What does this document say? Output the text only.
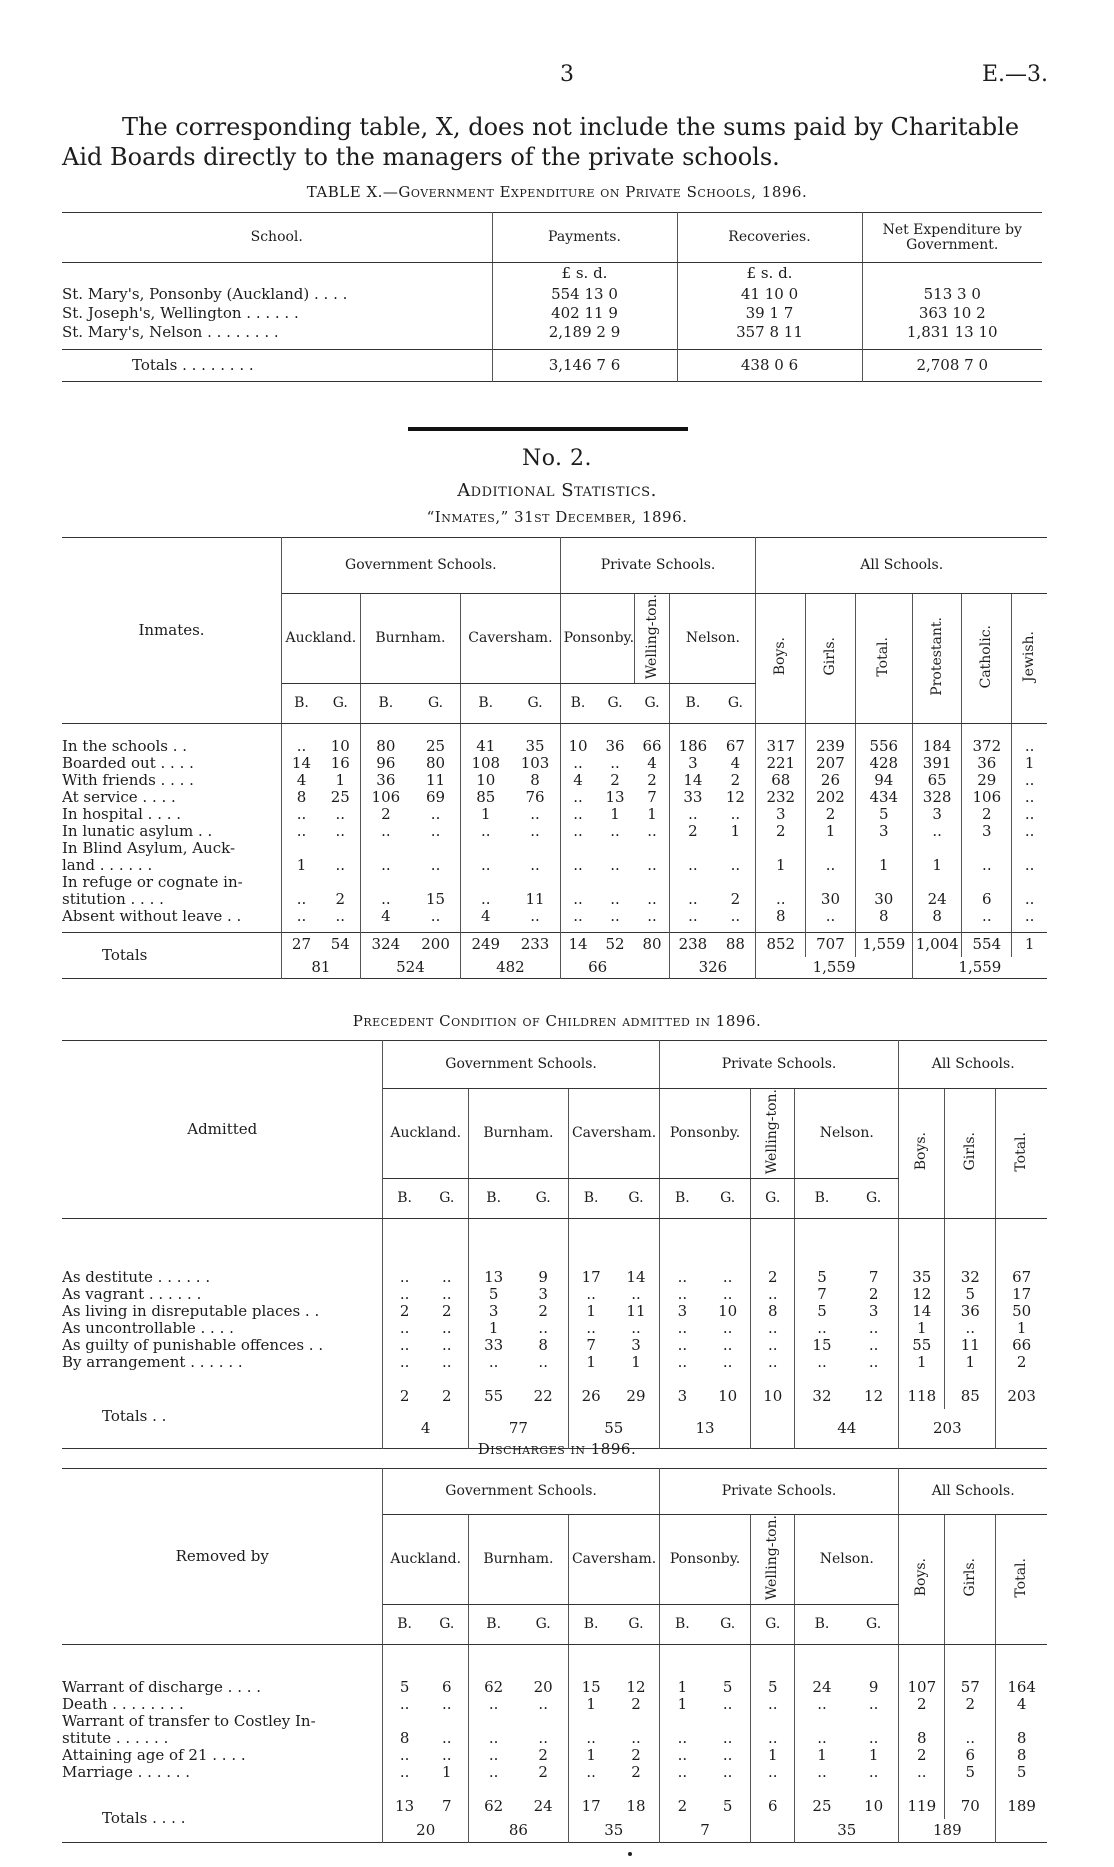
3	E.—3.
The corresponding table, X, does not include the sums paid by Charitable Aid Boards directly to the managers of the private schools.
TABLE X.—Government Expenditure on Private Schools, 1896.
School.	Payments.	Recoveries.	Net Expenditure by Government.
	£ s. d.	£ s. d.	
St. Mary's, Ponsonby (Auckland) . . . .	554 13 0	41 10 0	513 3 0
St. Joseph's, Wellington . . . . . .	402 11 9	39 1 7	363 10 2
St. Mary's, Nelson . . . . . . . .	2,189 2 9	357 8 11	1,831 13 10

Totals . . . . . . . .	3,146 7 6	438 0 6	2,708 7 0
No. 2.
Additional Statistics.
“Inmates,” 31st December, 1896.
Inmates.	Government Schools.						Private Schools.					All Schools.					
	Auckland.		Burnham.		Caversham.		Ponsonby.		Welling-ton.	Nelson.		Boys.	Girls.	Total.	Protestant.	Catholic.	Jewish.
	B.	G.	B.	G.	B.	G.	B.	G.	G.	B.	G.						

In the schools . .	..	10	80	25	41	35	10	36	66	186	67	317	239	556	184	372	..
Boarded out . . . .	14	16	96	80	108	103	..	..	4	3	4	221	207	428	391	36	1
With friends . . . .	4	1	36	11	10	8	4	2	2	14	2	68	26	94	65	29	..
At service . . . .	8	25	106	69	85	76	..	13	7	33	12	232	202	434	328	106	..
In hospital . . . .	..	..	2	..	1	..	..	1	1	..	..	3	2	5	3	2	..
In lunatic asylum . .	..	..	..	..	..	..	..	..	..	2	1	2	1	3	..	3	..
In Blind Asylum, Auck-																	
land . . . . . .	1	..	..	..	..	..	..	..	..	..	..	1	..	1	1	..	..
In refuge or cognate in-																	
stitution . . . .	..	2	..	15	..	11	..	..	..	..	2	..	30	30	24	6	..
Absent without leave . .	..	..	4	..	4	..	..	..	..	..	..	8	..	8	8	..	..

Totals	27	54	324	200	249	233	14	52	80	238	88	852	707	1,559	1,004	554	1
	81		524		482		66			326		1,559			1,559		
Precedent Condition of Children admitted in 1896.
Admitted	Government Schools.						Private Schools.					All Schools.		
	Auckland.		Burnham.		Caversham.		Ponsonby.		Welling-ton.	Nelson.		Boys.	Girls.	Total.
	B.	G.	B.	G.	B.	G.	B.	G.	G.	B.	G.			

As destitute . . . . . .	..	..	13	9	17	14	..	..	2	5	7	35	32	67
As vagrant . . . . . .	..	..	5	3	..	..	..	..	..	7	2	12	5	17
As living in disreputable places . .	2	2	3	2	1	11	3	10	8	5	3	14	36	50
As uncontrollable . . . .	..	..	1	..	..	..	..	..	..	..	..	1	..	1
As guilty of punishable offences . .	..	..	33	8	7	3	..	..	..	15	..	55	11	66
By arrangement . . . . . .	..	..	..	..	1	1	..	..	..	..	..	1	1	2

Totals . .	2	2	55	22	26	29	3	10	10	32	12	118	85	203
	4		77		55		13			44		203		
Discharges in 1896.
Removed by	Government Schools.						Private Schools.					All Schools.		
	Auckland.		Burnham.		Caversham.		Ponsonby.		Welling-ton.	Nelson.		Boys.	Girls.	Total.
	B.	G.	B.	G.	B.	G.	B.	G.	G.	B.	G.			

Warrant of discharge . . . .	5	6	62	20	15	12	1	5	5	24	9	107	57	164
Death . . . . . . . .	..	..	..	..	1	2	1	..	..	..	..	2	2	4
Warrant of transfer to Costley In-														
stitute . . . . . .	8	..	..	..	..	..	..	..	..	..	..	8	..	8
Attaining age of 21 . . . .	..	..	..	2	1	2	..	..	1	1	1	2	6	8
Marriage . . . . . .	..	1	..	2	..	2	..	..	..	..	..	..	5	5

Totals . . . .	13	7	62	24	17	18	2	5	6	25	10	119	70	189
	20		86		35		7			35		189		
